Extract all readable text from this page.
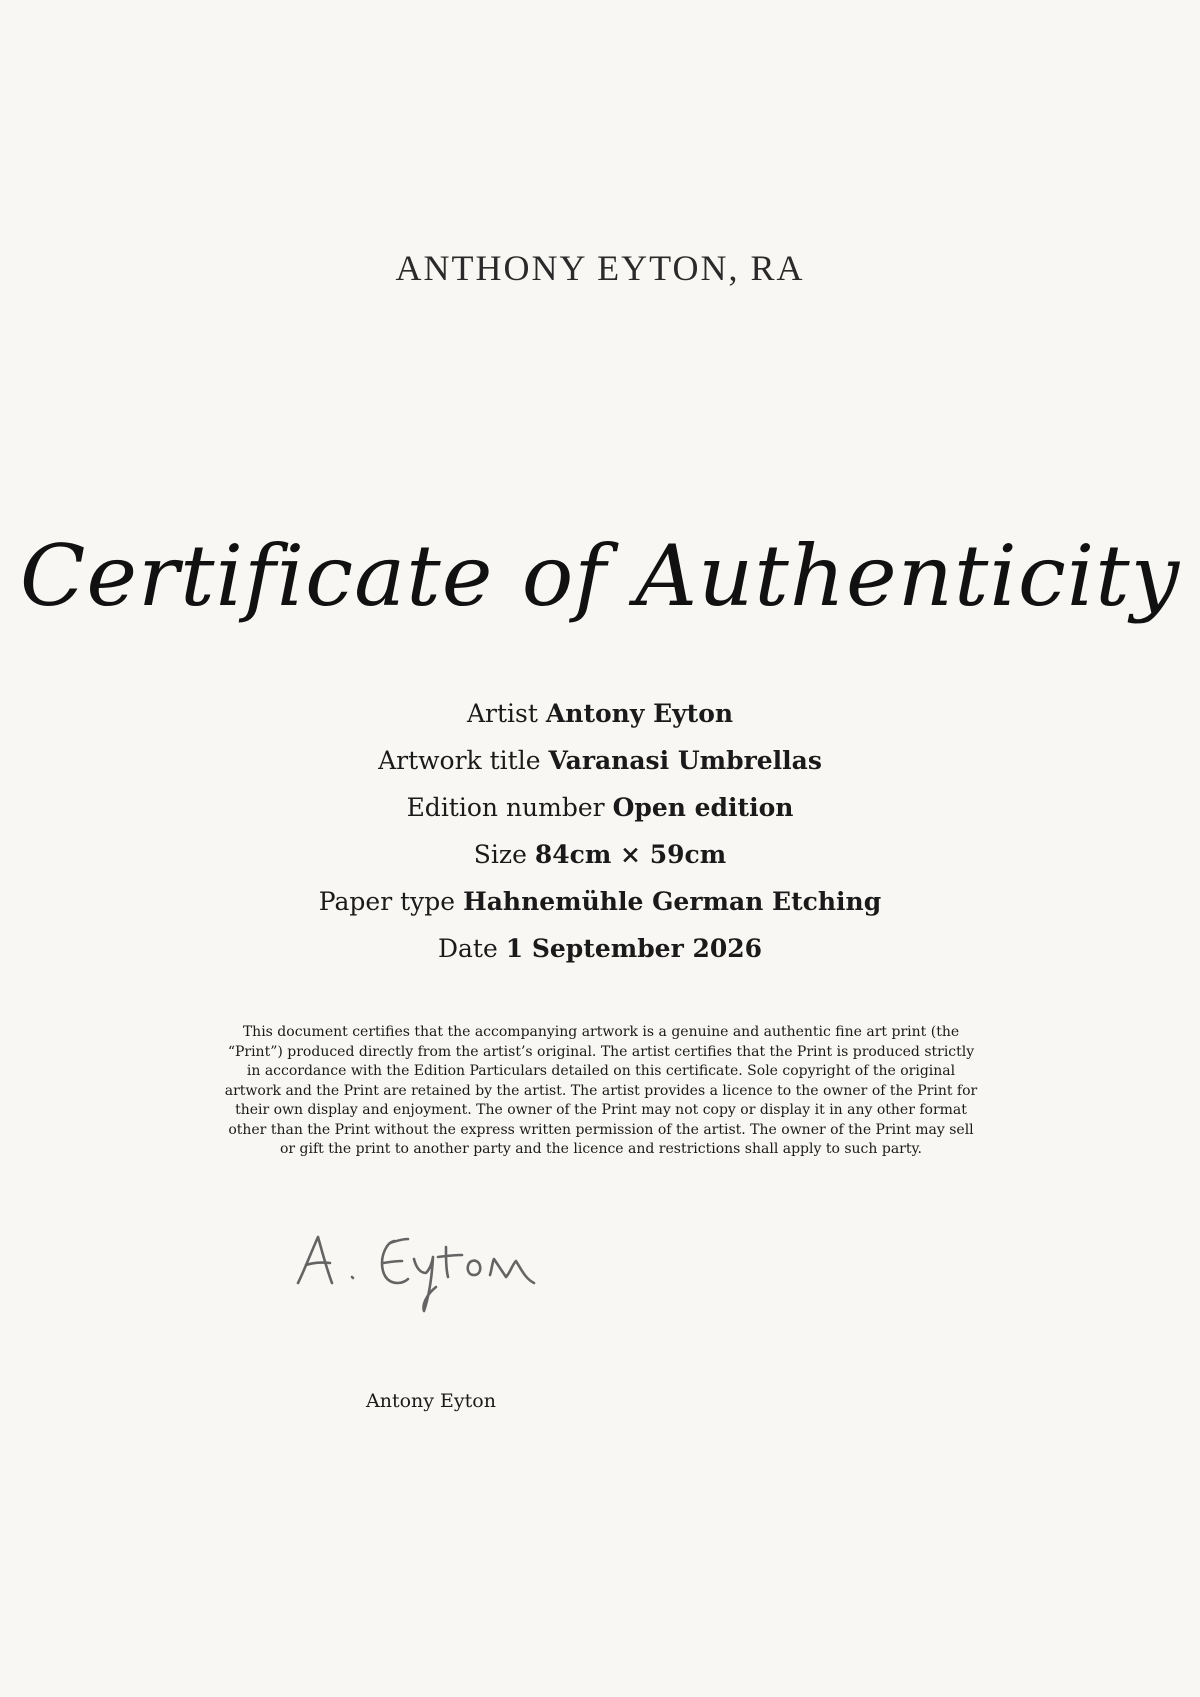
ANTHONY EYTON, RA
Certificate of Authenticity
Artist Antony Eyton
Artwork title Varanasi Umbrellas
Edition number Open edition
Size 84cm × 59cm
Paper type Hahnemühle German Etching
Date 1 September 2026
This document certifies that the accompanying artwork is a genuine and authentic fine art print (the “Print”) produced directly from the artist’s original. The artist certifies that the Print is produced strictly in accordance with the Edition Particulars detailed on this certificate. Sole copyright of the original artwork and the Print are retained by the artist. The artist provides a licence to the owner of the Print for their own display and enjoyment. The owner of the Print may not copy or display it in any other format other than the Print without the express written permission of the artist. The owner of the Print may sell or gift the print to another party and the licence and restrictions shall apply to such party.
Antony Eyton
